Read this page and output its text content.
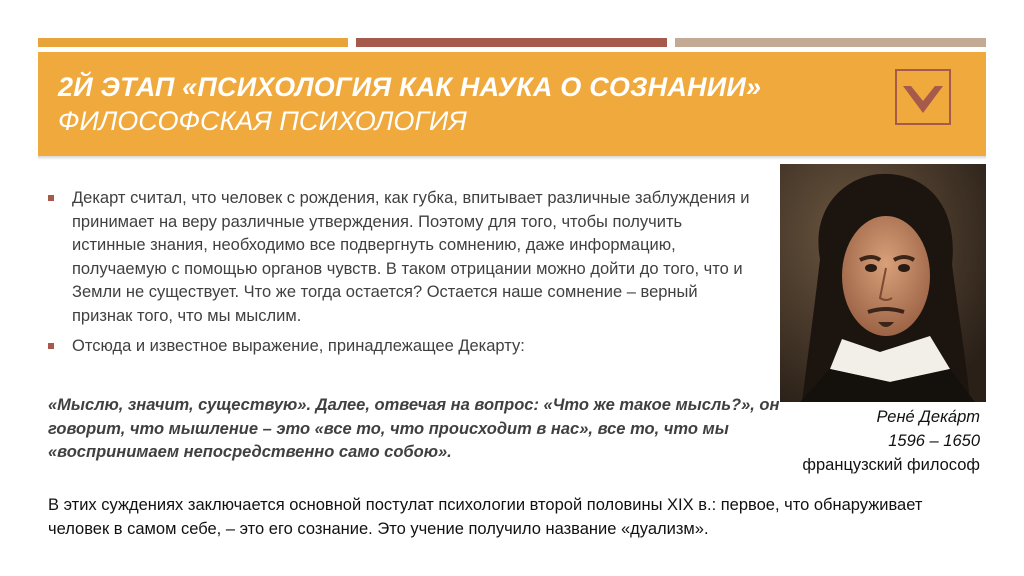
2Й ЭТАП «ПСИХОЛОГИЯ КАК НАУКА О СОЗНАНИИ»
ФИЛОСОФСКАЯ ПСИХОЛОГИЯ
Декарт считал, что человек с рождения, как губка, впитывает различные заблуждения и принимает на веру различные утверждения. Поэтому для того, чтобы получить истинные знания, необходимо все подвергнуть сомнению, даже информацию, получаемую с помощью органов чувств. В таком отрицании можно дойти до того, что и Земли не существует. Что же тогда остается? Остается наше сомнение – верный признак того, что мы мыслим.
Отсюда и известное выражение, принадлежащее Декарту:
«Мыслю, значит, существую». Далее, отвечая на вопрос: «Что же такое мысль?», он говорит, что мышление – это «все то, что происходит в нас», все то, что мы «воспринимаем непосредственно само собою».
Рене́ Дека́рт
1596 – 1650
французский философ
В этих суждениях заключается основной постулат психологии второй половины XIX в.: первое, что обнаруживает человек в самом себе, – это его сознание. Это учение получило название «дуализм».
